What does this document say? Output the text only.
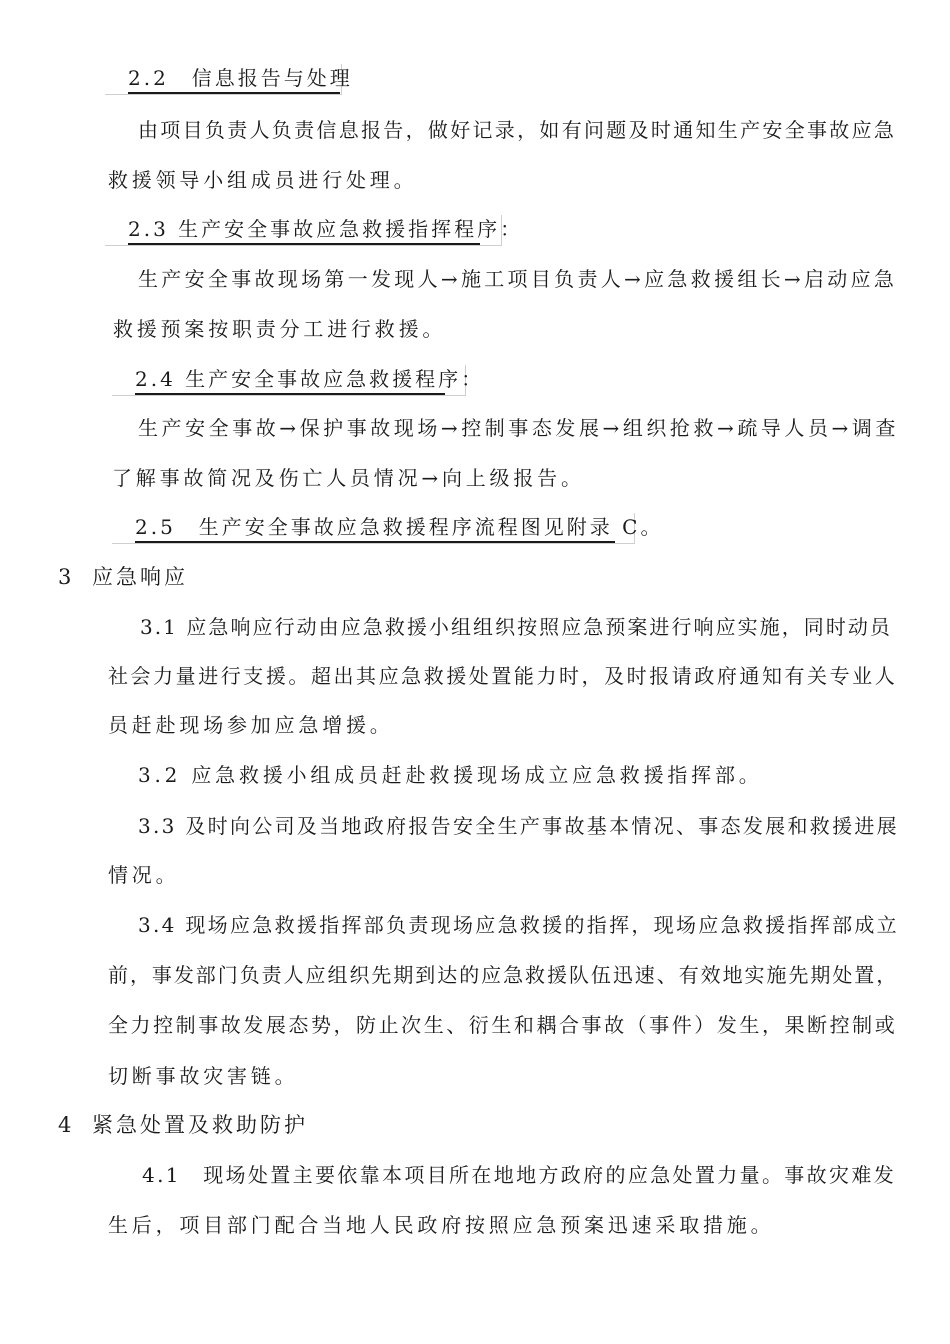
2.2　信息报告与处理
由项目负责人负责信息报告，做好记录，如有问题及时通知生产安全事故应急
救援领导小组成员进行处理。
2.3 生产安全事故应急救援指挥程序：
生产安全事故现场第一发现人→施工项目负责人→应急救援组长→启动应急
救援预案按职责分工进行救援。
2.4 生产安全事故应急救援程序：
生产安全事故→保护事故现场→控制事态发展→组织抢救→疏导人员→调查
了解事故简况及伤亡人员情况→向上级报告。
2.5　生产安全事故应急救援程序流程图见附录 C。
3 应急响应
3.1 应急响应行动由应急救援小组组织按照应急预案进行响应实施，同时动员
社会力量进行支援。超出其应急救援处置能力时，及时报请政府通知有关专业人
员赶赴现场参加应急增援。
3.2 应急救援小组成员赶赴救援现场成立应急救援指挥部。
3.3 及时向公司及当地政府报告安全生产事故基本情况、事态发展和救援进展
情况。
3.4 现场应急救援指挥部负责现场应急救援的指挥，现场应急救援指挥部成立
前，事发部门负责人应组织先期到达的应急救援队伍迅速、有效地实施先期处置，
全力控制事故发展态势，防止次生、衍生和耦合事故（事件）发生，果断控制或
切断事故灾害链。
4 紧急处置及救助防护
4.1　现场处置主要依靠本项目所在地地方政府的应急处置力量。事故灾难发
生后，项目部门配合当地人民政府按照应急预案迅速采取措施。
